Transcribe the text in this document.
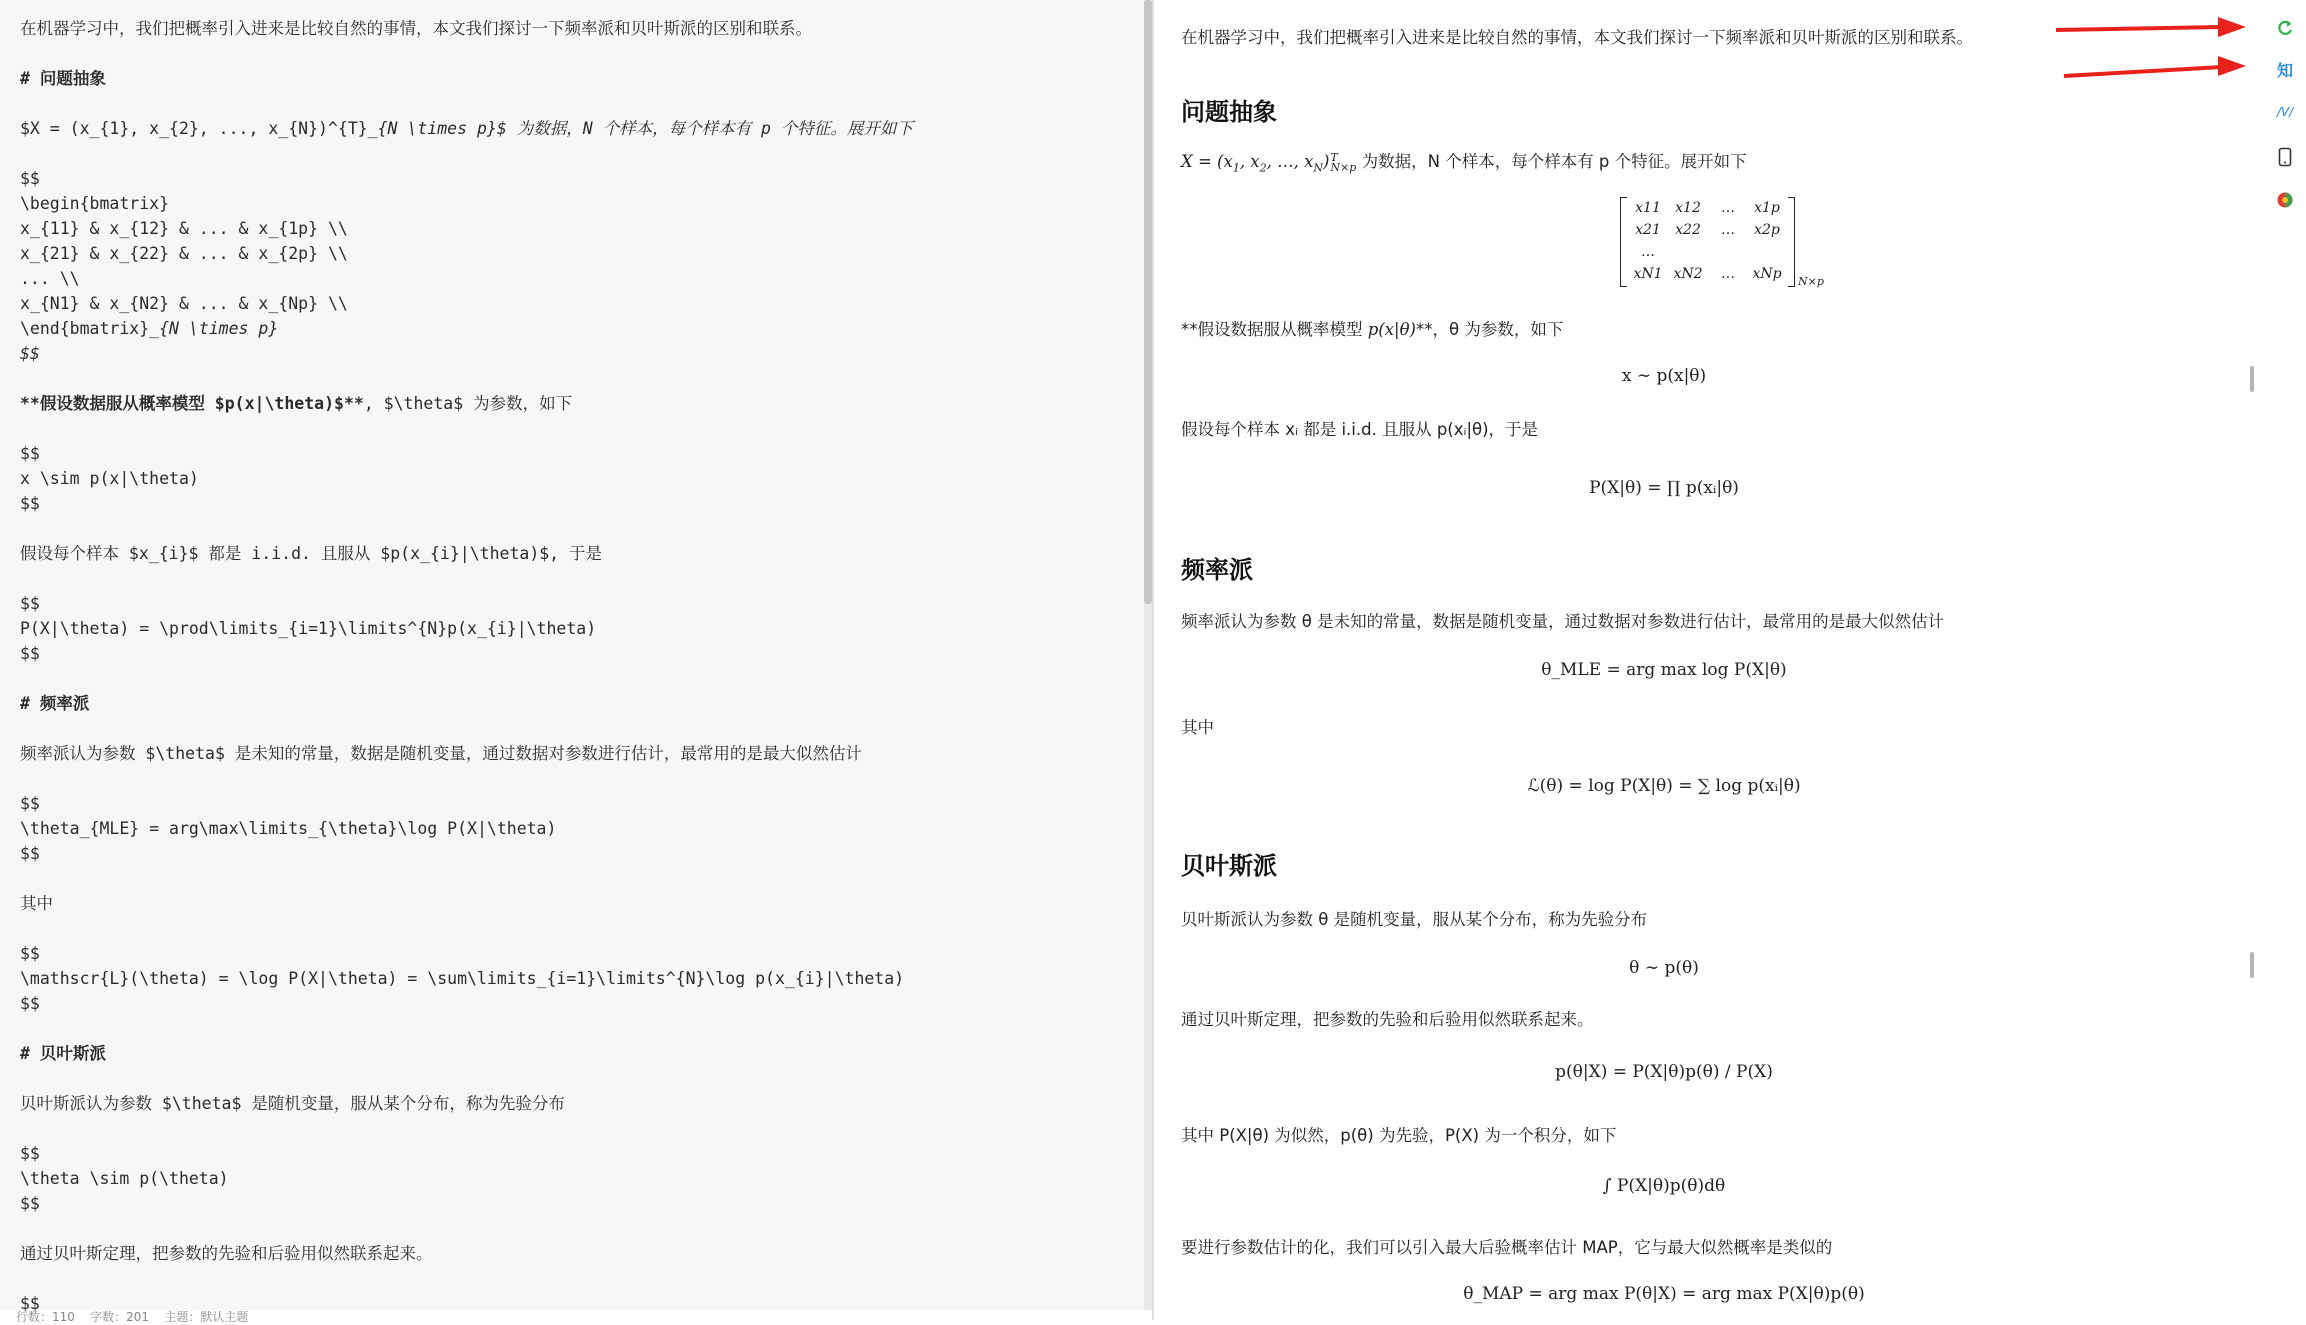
在机器学习中，我们把概率引入进来是比较自然的事情，本文我们探讨一下频率派和贝叶斯派的区别和联系。
# 问题抽象
$X = (x_{1}, x_{2}, ..., x_{N})^{T}_{N \times p}$ 为数据，N 个样本，每个样本有 p 个特征。展开如下
$$
\begin{bmatrix}
x_{11} & x_{12} & ... & x_{1p} \\
x_{21} & x_{22} & ... & x_{2p} \\
... \\
x_{N1} & x_{N2} & ... & x_{Np} \\
\end{bmatrix}_{N \times p}
$$
**假设数据服从概率模型 $p(x|\theta)$**, $\theta$ 为参数，如下
$$
x \sim p(x|\theta)
$$
假设每个样本 $x_{i}$ 都是 i.i.d. 且服从 $p(x_{i}|\theta)$, 于是
$$
P(X|\theta) = \prod\limits_{i=1}\limits^{N}p(x_{i}|\theta)
$$
# 频率派
频率派认为参数 $\theta$ 是未知的常量，数据是随机变量，通过数据对参数进行估计，最常用的是最大似然估计
$$
\theta_{MLE} = arg\max\limits_{\theta}\log P(X|\theta)
$$
其中
$$
\mathscr{L}(\theta) = \log P(X|\theta) = \sum\limits_{i=1}\limits^{N}\log p(x_{i}|\theta)
$$
# 贝叶斯派
贝叶斯派认为参数 $\theta$ 是随机变量，服从某个分布，称为先验分布
$$
\theta \sim p(\theta)
$$
通过贝叶斯定理，把参数的先验和后验用似然联系起来。
$$
行数：110    字数：201    主题：默认主题
在机器学习中，我们把概率引入进来是比较自然的事情，本文我们探讨一下频率派和贝叶斯派的区别和联系。
问题抽象
$X = (x_1$, $x_2$, …, $x_N)T$
N×p 为数据，N 个样本，每个样本有 p 个特征。展开如下
x11	x12	…	x1p
x21	x22	…	x2p
…
xN1 xN2	…	xNp	N×p
**假设数据服从概率模型 p(x|θ)**，θ 为参数，如下
x ∼ p(x|θ)
假设每个样本 xᵢ 都是 i.i.d. 且服从 p(xᵢ|θ)，于是
P(X|θ) = ∏ p(xᵢ|θ)
频率派
频率派认为参数 θ 是未知的常量，数据是随机变量，通过数据对参数进行估计，最常用的是最大似然估计
θ_MLE = arg max log P(X|θ)
其中
ℒ(θ) = log P(X|θ) = ∑ log p(xᵢ|θ)
贝叶斯派
贝叶斯派认为参数 θ 是随机变量，服从某个分布，称为先验分布
θ ∼ p(θ)
通过贝叶斯定理，把参数的先验和后验用似然联系起来。
p(θ|X) = P(X|θ)p(θ) / P(X)
其中 P(X|θ) 为似然，p(θ) 为先验，P(X) 为一个积分，如下
∫ P(X|θ)p(θ)dθ
要进行参数估计的化，我们可以引入最大后验概率估计 MAP，它与最大似然概率是类似的
θ_MAP = arg max P(θ|X) = arg max P(X|θ)p(θ)
知
/V/
